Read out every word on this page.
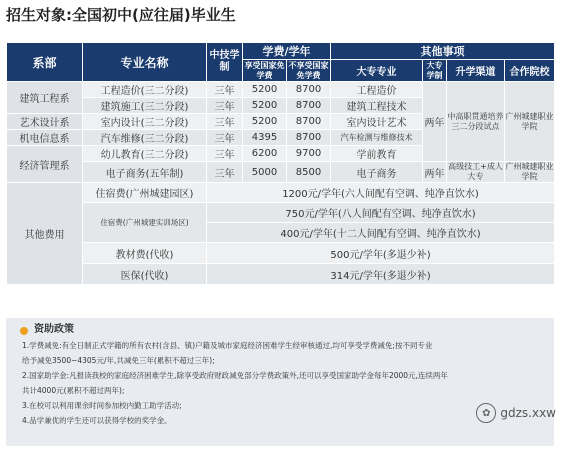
招生对象:全国初中(应往届)毕业生
系部	专业名称	中技学制	学费/学年		其他事项			
			享受国家免学费	不享受国家免学费	大专专业	大专学制	升学渠道	合作院校
建筑工程系	工程造价(三二分段)	三年	5200	8700	工程造价	两年	中高职贯通培养三二分段试点	广州城建职业学院
	建筑施工(三二分段)	三年	5200	8700	建筑工程技术			
艺术设计系	室内设计(三二分段)	三年	5200	8700	室内设计艺术			
机电信息系	汽车维修(三二分段)	三年	4395	8700	汽车检测与维修技术			
经济管理系	幼儿教育(三二分段)	三年	6200	9700	学前教育			
	电子商务(五年制)	三年	5000	8500	电子商务	两年	高级技工+成人大专	广州城建职业学院
其他费用	住宿费(广州城建园区)	1200元/学年(六人间配有空调、纯净直饮水)						
	住宿费(广州城建实训场区)	750元/学年(八人间配有空调、纯净直饮水)						
		400元/学年(十二人间配有空调、纯净直饮水)						
	教材费(代收)	500元/学年(多退少补)						
	医保(代收)	314元/学年(多退少补)						
资助政策
1.学费减免:有全日制正式学籍的所有农村(含县、镇)户籍及城市家庭经济困难学生经审核通过,均可享受学费减免;按不同专业
给予减免3500~4305元/年,共减免三年(累积不超过三年);
2.国家助学金:凡报读我校的家庭经济困难学生,除享受政府财政减免部分学费政策外,还可以享受国家助学金每年2000元,连续两年
共计4000元(累积不超过两年);
3.在校可以利用课余时间参加校内勤工助学活动;
4.品学兼优的学生还可以获得学校的奖学金。
✿ gdzs.xxw
